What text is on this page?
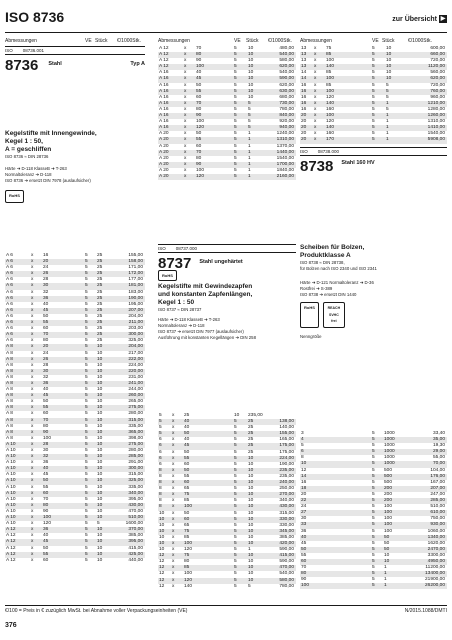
ISO 8736	zur Übersicht ▶
Abmessungen	VE Stück €/1000Stk.	Abmessungen	VE Stück €/1000Stk. Abmessungen	VE Stück	€/1000Stk.
ISO 08736.001
8736 Stahl	Typ A
Kegelstifte mit Innengewinde,
Kegel 1 : 50,
A = geschliffen
ISO 8736 ≈ DIN 28736
Härte ➜ D-118 KlasseB ➜ T-263
Normaltoleranz ➜ D-118
ISO 8736 ➜ ersetzt DIN 7978 (auslaufsicher)
RoHS
ISO 08737.000
8737 Stahl ungehärtet
Kegelstifte mit Gewindezapfen
und konstanten Zapfenlängen,
Kegel 1 : 50
ISO 8737 ≈ DIN 28737
Härte ➜ D-118 KlasseB ➜ T-263
Normaltoleranz ➜ D-118
ISO 8737 ➜ ersetzt DIN 7977 (auslaufsicher)
Ausführung mit konstanten Kegellängen ➜ DIN 258
RoHS
ISO 08738.000
8738 Stahl 160 HV
Scheiben für Bolzen,
Produktklasse A
ISO 8738 ≈ DIN 28738,
für Bolzen nach ISO 2340 und ISO 2341
Härte ➜ D-121 Normaltoleranz ➜ D-36
Rostfrei ➜ S-389
ISO 8738 ➜ ersetzt DIN 1440
RoHS	REACH SVHC frei
Nenngröße
A 6	x 16	5 25	155,00
A 6	x 20	5 25	158,00
A 6	x 24	5 25	171,00
A 6	x 26	5 25	172,00
A 6	x 28	5 25	177,00
A 6	x 30	5 25	181,00
A 6	x 32	5 25	183,00
A 6	x 36	5 25	190,00
A 6	x 40	5 25	195,00
A 6	x 45	5 25	207,00
A 6	x 50	5 25	204,00
A 6	x 55	5 25	211,00
A 6	x 60	5 25	203,00
A 6	x 70	5 25	300,00
A 6	x 80	5 25	325,00
A 8	x 20	5 10	204,00
A 8	x 24	5 10	217,00
A 8	x 26	5 10	222,00
A 8	x 28	5 10	224,00
A 8	x 30	5 10	220,00
A 8	x 32	5 10	231,00
A 8	x 36	5 10	241,00
A 8	x 40	5 10	244,00
A 8	x 45	5 10	260,00
A 8	x 50	5 10	265,00
A 8	x 55	5 10	275,00
A 8	x 60	5 10	280,00
A 8	x 70	5 10	315,00
A 8	x 80	5 10	335,00
A 8	x 90	5 10	365,00
A 8	x 100	5 10	398,00
A 10	x 28	5 10	275,00
A 10	x 30	5 10	280,00
A 10	x 32	5 10	285,00
A 10	x 36	5 10	291,00
A 10	x 40	5 10	300,00
A 10	x 45	5 10	315,00
A 10	x 50	5 10	325,00
A 10	x 55	5 10	335,00
A 10	x 60	5 10	340,00
A 10	x 70	5 10	395,00
A 10	x 80	5 10	430,00
A 10	x 90	5 10	470,00
A 10	x 100	5 10	510,00
A 10	x 120	5 5	1600,00
A 12	x 36	5 10	370,00
A 12	x 40	5 10	385,00
A 12	x 45	5 10	395,00
A 12	x 50	5 10	415,00
A 12	x 55	5 10	425,00
A 12	x 60	5 10	440,00
A 12	x 70	5 10	480,00
A 12	x 80	5 10	540,00
A 12	x 90	5 10	580,00
A 12	x 100	5 10	620,00
A 16	x 40	5 10	540,00
A 16	x 45	5 10	590,00
A 16	x 50	5 10	620,00
A 16	x 55	5 10	630,00
A 16	x 60	5 10	680,00
A 16	x 70	5 5	730,00
A 16	x 80	5 5	780,00
A 16	x 90	5 5	840,00
A 16	x 100	5 5	920,00
A 16	x 120	5 5	940,00
A 20	x 50	5 1	1240,00
A 20	x 55	5 1	1310,00
A 20	x 60	5 1	1370,00
A 20	x 70	5 1	1440,00
A 20	x 80	5 1	1540,00
A 20	x 90	5 1	1700,00
A 20	x 100	5 1	1840,00
A 20	x 120	5 1	2160,00
13 x 75	5 10	600,00
13 x 85	5 10	660,00
13 x 100	5 10	720,00
13 x 140	5 10	1120,00
14 x 85	5 10	560,00
14 x 100	5 10	620,00
16 x 85	5 5	720,00
16 x 100	5 5	760,00
16 x 120	5 5	960,00
16 x 140	5 1	1210,00
16 x 160	5 5	1280,00
20 x 100	5 1	1260,00
20 x 120	5 1	1310,00
20 x 140	5 1	1410,00
20 x 160	5 1	1540,00
20 x 170	5 1	5908,00
5 x 25	10 235,00
5 x 40	5 25	138,00
5 x 40	5 25	140,00
5 x 50	5 25	155,00
6 x 40	5 25	165,00
6 x 45	5 25	175,00
6 x 50	5 25	175,00
6 x 55	5 10	224,00
6 x 60	5 10	190,00
8 x 50	5 10	235,00
8 x 55	5 10	235,00
8 x 60	5 10	240,00
8 x 65	5 10	250,00
8 x 75	5 10	270,00
8 x 85	5 10	340,00
8 x 100	5 10	430,00
10 x 50	5 10	315,00
10 x 60	5 10	330,00
10 x 65	5 10	330,00
10 x 75	5 10	345,00
10 x 85	5 10	385,00
10 x 100	5 10	420,00
10 x 120	5 1	590,00
12 x 75	5 10	415,00
12 x 80	5 10	590,00
12 x 85	5 10	470,00
12 x 100	5 10	540,00
12 x 120	5 10	580,00
12 x 140	5 5	780,00
3	5 1000	33,40
4	5 1000	35,00
5	5 1000	19,30
6	5 1000	29,00
8	5 1000	55,00
10	5 1000	70,00
12	5 500	104,00
14	5 500	176,00
16	5 500	167,00
18	5 200	207,00
20	5 200	247,00
22	5 200	285,00
24	5 100	510,00
27	5 100	610,00
30	5 100	750,00
33	5 100	930,00
36	5 100	1060,00
40	5 50	1340,00
45	5 50	1620,00
50	5 50	2470,00
55	5 10	3300,00
60	5 10	4950,00
70	5 1	11200,00
80	5 1	13400,00
90	5 1	21900,00
100	5 1	26200,00
€/100 = Preis in € zuzüglich MwSt. bei Abnahme voller Verpackungseinheiten (VE)	N/2015.1088/DMTI
376
